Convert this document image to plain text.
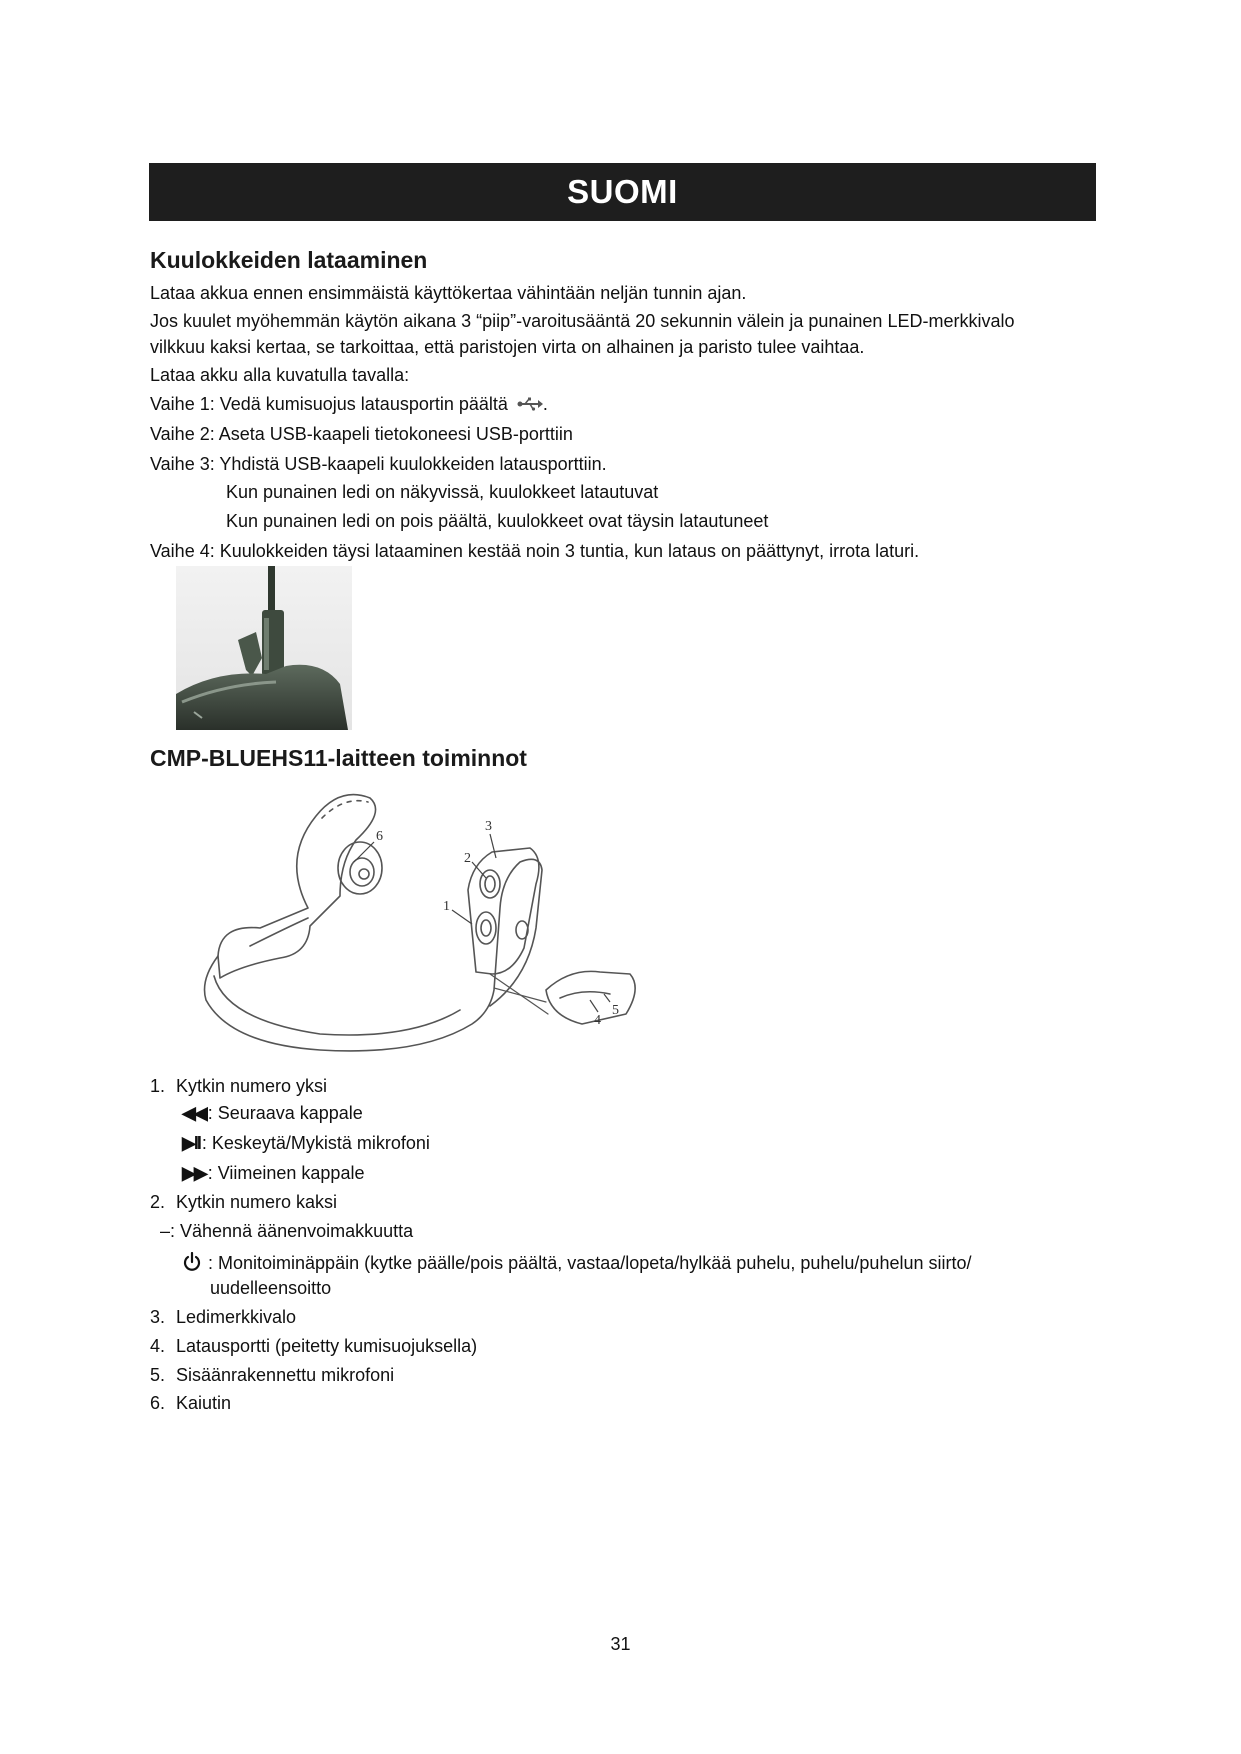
SUOMI
Kuulokkeiden lataaminen
Lataa akkua ennen ensimmäistä käyttökertaa vähintään neljän tunnin ajan.
Jos kuulet myöhemmän käytön aikana 3 “piip”-varoitusääntä 20 sekunnin välein ja punainen LED-merkkivalo
vilkkuu kaksi kertaa, se tarkoittaa, että paristojen virta on alhainen ja paristo tulee vaihtaa.
Lataa akku alla kuvatulla tavalla:
Vaihe 1: Vedä kumisuojus latausportin päältä .
Vaihe 2: Aseta USB-kaapeli tietokoneesi USB-porttiin
Vaihe 3: Yhdistä USB-kaapeli kuulokkeiden latausporttiin.
Kun punainen ledi on näkyvissä, kuulokkeet latautuvat
Kun punainen ledi on pois päältä, kuulokkeet ovat täysin latautuneet
Vaihe 4: Kuulokkeiden täysi lataaminen kestää noin 3 tuntia, kun lataus on päättynyt, irrota laturi.
CMP-BLUEHS11-laitteen toiminnot
1
2
3
4
5
6
1. Kytkin numero yksi
◀◀ : Seuraava kappale
▶II : Keskeytä/Mykistä mikrofoni
▶▶ : Viimeinen kappale
2. Kytkin numero kaksi
–: Vähennä äänenvoimakkuutta
: Monitoiminäppäin (kytke päälle/pois päältä, vastaa/lopeta/hylkää puhelu, puhelu/puhelun siirto/
uudelleensoitto
3. Ledimerkkivalo
4. Latausportti (peitetty kumisuojuksella)
5. Sisäänrakennettu mikrofoni
6. Kaiutin
31
